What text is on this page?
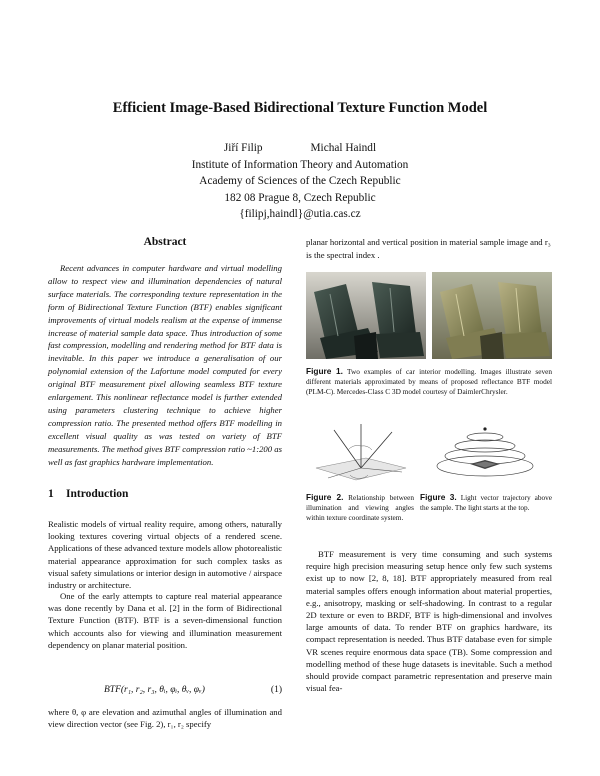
Efficient Image-Based Bidirectional Texture Function Model
Jiří Filip	Michal Haindl
Institute of Information Theory and Automation
Academy of Sciences of the Czech Republic
182 08 Prague 8, Czech Republic
{filipj,haindl}@utia.cas.cz
Abstract

Recent advances in computer hardware and virtual modelling allow to respect view and illumination dependencies of natural surface materials. The corresponding texture representation in the form of Bidirectional Texture Function (BTF) enables significant improvements of virtual models realism at the expense of immense increase of material sample data space. Thus introduction of some fast compression, modelling and rendering method for BTF data is inevitable. In this paper we introduce a generalisation of our polynomial extension of the Lafortune model computed for every original BTF measurement pixel allowing seamless BTF texture enlargement. This nonlinear reflectance model is further extended using parameters clustering technique to achieve higher compression ratio. The presented method offers BTF modelling in excellent visual quality as was tested on variety of BTF measurements. The method gives BTF compression ratio ~1:200 as well as fast graphics hardware implementation.

1 Introduction

Realistic models of virtual reality require, among others, naturally looking textures covering virtual objects of a rendered scene. Applications of these advanced texture models allow photorealistic material appearance approximation for such complex tasks as visual safety simulations or interior design in automotive / airspace industry or architecture.

One of the early attempts to capture real material appearance was done recently by Dana et al. [2] in the form of Bidirectional Texture Function (BTF). BTF is a seven-dimensional function which accounts also for viewing and illumination measurement dependency on planar material position.

BTF(r₁, r₂, r₃, θᵢ, φᵢ, θᵥ, φᵥ)	(1)

where θ, φ are elevation and azimuthal angles of illumination and view direction vector (see Fig. 2), r₁, r₂ specify

planar horizontal and vertical position in material sample image and r₃ is the spectral index .

Figure 1. Two examples of car interior modelling. Images illustrate seven different materials approximated by means of proposed reflectance BTF model (PLM-C). Mercedes-Class C 3D model courtesy of DaimlerChrysler.

Figure 2. Relationship between illumination and viewing angles within texture coordinate system.

Figure 3. Light vector trajectory above the sample. The light starts at the top.

BTF measurement is very time consuming and such systems require high precision measuring setup hence only few such systems exist up to now [2, 8, 18]. BTF appropriately measured from real material samples offers enough information about material properties, e.g., anisotropy, masking or self-shadowing. In contrast to a regular 2D texture or even to BRDF, BTF is high-dimensional and involves large amounts of data. To render BTF on graphics hardware, its compact representation is needed. Thus BTF database even for simple VR scenes require enormous data space (TB). Some compression and modelling method of these huge datasets is inevitable. Such a method should provide compact parametric representation and preserve main visual fea-
